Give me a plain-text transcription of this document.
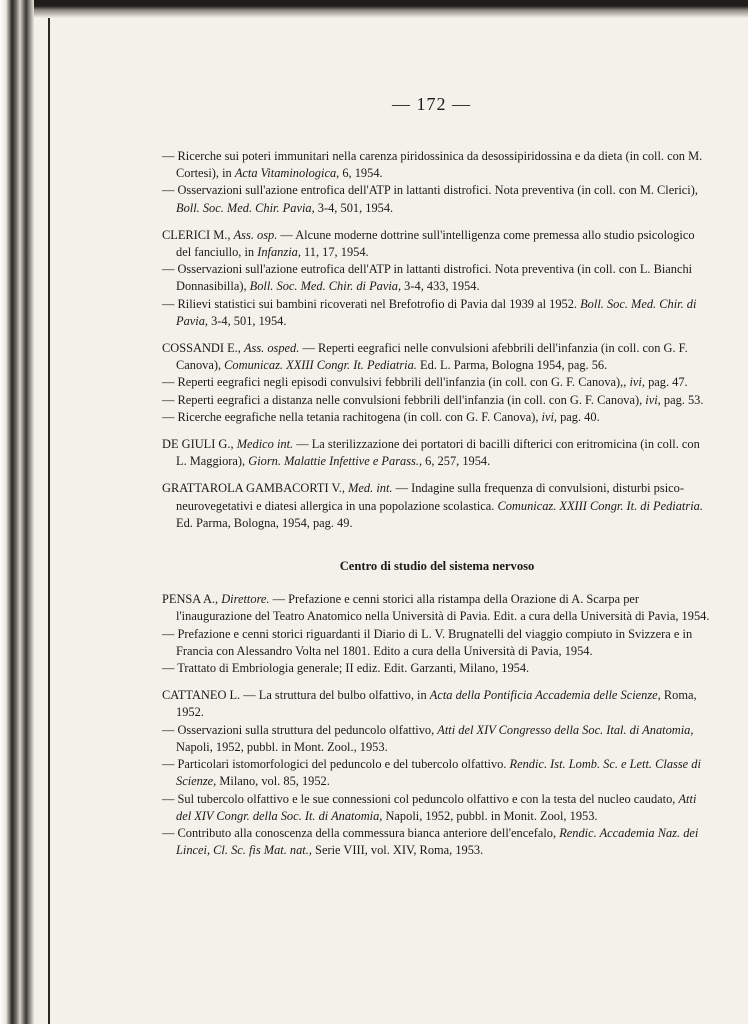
— 172 —

— Ricerche sui poteri immunitari nella carenza piridossinica da desossipiridossina e da dieta (in coll. con M. Cortesi), in Acta Vitaminologica, 6, 1954.

— Osservazioni sull'azione entrofica dell'ATP in lattanti distrofici. Nota preventiva (in coll. con M. Clerici), Boll. Soc. Med. Chir. Pavia, 3-4, 501, 1954.

CLERICI M., Ass. osp. — Alcune moderne dottrine sull'intelligenza come premessa allo studio psicologico del fanciullo, in Infanzia, 11, 17, 1954.

— Osservazioni sull'azione eutrofica dell'ATP in lattanti distrofici. Nota preventiva (in coll. con L. Bianchi Donnasibilla), Boll. Soc. Med. Chir. di Pavia, 3-4, 433, 1954.

— Rilievi statistici sui bambini ricoverati nel Brefotrofio di Pavia dal 1939 al 1952. Boll. Soc. Med. Chir. di Pavia, 3-4, 501, 1954.

COSSANDI E., Ass. osped. — Reperti eegrafici nelle convulsioni afebbrili dell'infanzia (in coll. con G. F. Canova), Comunicaz. XXIII Congr. It. Pediatria. Ed. L. Parma, Bologna 1954, pag. 56.

— Reperti eegrafici negli episodi convulsivi febbrili dell'infanzia (in coll. con G. F. Canova),, ivi, pag. 47.

— Reperti eegrafici a distanza nelle convulsioni febbrili dell'infanzia (in coll. con G. F. Canova), ivi, pag. 53.

— Ricerche eegrafiche nella tetania rachitogena (in coll. con G. F. Canova), ivi, pag. 40.

DE GIULI G., Medico int. — La sterilizzazione dei portatori di bacilli difterici con eritromicina (in coll. con L. Maggiora), Giorn. Malattie Infettive e Parass., 6, 257, 1954.

GRATTAROLA GAMBACORTI V., Med. int. — Indagine sulla frequenza di convulsioni, disturbi psico-neurovegetativi e diatesi allergica in una popolazione scolastica. Comunicaz. XXIII Congr. It. di Pediatria. Ed. Parma, Bologna, 1954, pag. 49.

Centro di studio del sistema nervoso

PENSA A., Direttore. — Prefazione e cenni storici alla ristampa della Orazione di A. Scarpa per l'inaugurazione del Teatro Anatomico nella Università di Pavia. Edit. a cura della Università di Pavia, 1954.

— Prefazione e cenni storici riguardanti il Diario di L. V. Brugnatelli del viaggio compiuto in Svizzera e in Francia con Alessandro Volta nel 1801. Edito a cura della Università di Pavia, 1954.

— Trattato di Embriologia generale; II ediz. Edit. Garzanti, Milano, 1954.

CATTANEO L. — La struttura del bulbo olfattivo, in Acta della Pontificia Accademia delle Scienze, Roma, 1952.

— Osservazioni sulla struttura del peduncolo olfattivo, Atti del XIV Congresso della Soc. Ital. di Anatomia, Napoli, 1952, pubbl. in Mont. Zool., 1953.

— Particolari istomorfologici del peduncolo e del tubercolo olfattivo. Rendic. Ist. Lomb. Sc. e Lett. Classe di Scienze, Milano, vol. 85, 1952.

— Sul tubercolo olfattivo e le sue connessioni col peduncolo olfattivo e con la testa del nucleo caudato, Atti del XIV Congr. della Soc. It. di Anatomia, Napoli, 1952, pubbl. in Monit. Zool, 1953.

— Contributo alla conoscenza della commessura bianca anteriore dell'encefalo, Rendic. Accademia Naz. dei Lincei, Cl. Sc. fis Mat. nat., Serie VIII, vol. XIV, Roma, 1953.
